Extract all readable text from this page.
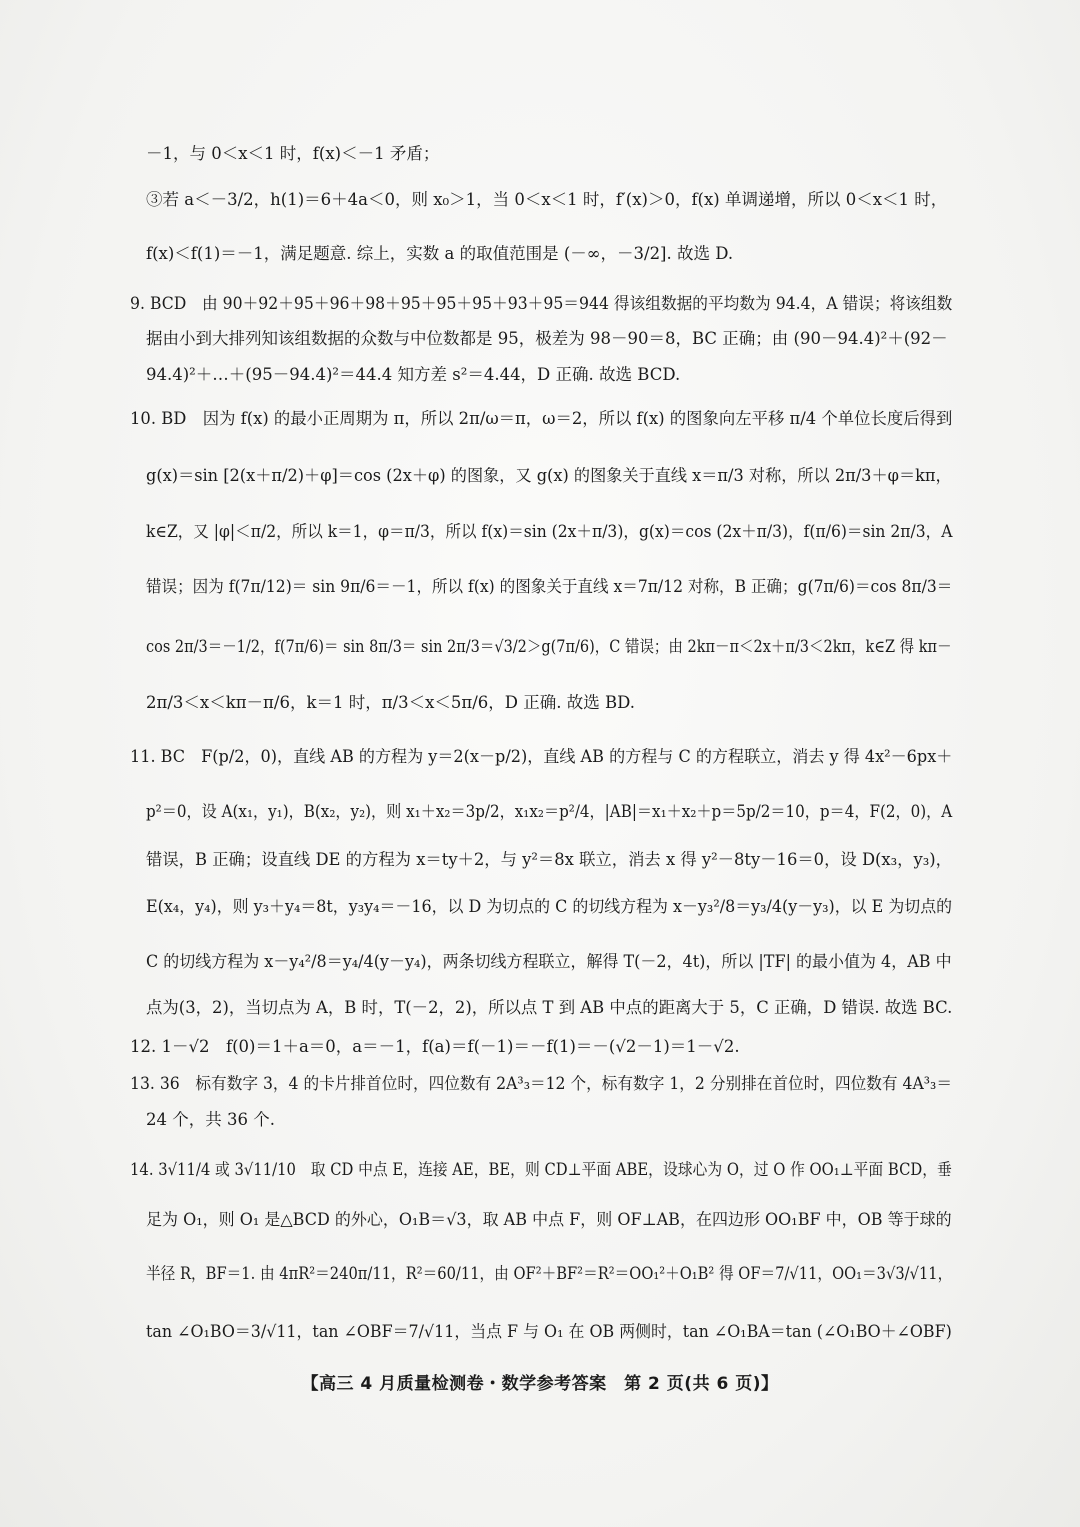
－1，与 0＜x＜1 时，f(x)＜－1 矛盾；
③若 a＜－3/2，h(1)＝6＋4a＜0，则 x₀＞1，当 0＜x＜1 时，f′(x)＞0，f(x) 单调递增，所以 0＜x＜1 时，
f(x)＜f(1)＝－1，满足题意. 综上，实数 a 的取值范围是 (－∞，－3/2]. 故选 D.
9. BCD　由 90＋92＋95＋96＋98＋95＋95＋95＋93＋95＝944 得该组数据的平均数为 94.4，A 错误；将该组数
据由小到大排列知该组数据的众数与中位数都是 95，极差为 98－90＝8，BC 正确；由 (90－94.4)²＋(92－
94.4)²＋…＋(95－94.4)²＝44.4 知方差 s²＝4.44，D 正确. 故选 BCD.
10. BD　因为 f(x) 的最小正周期为 π，所以 2π/ω＝π，ω＝2，所以 f(x) 的图象向左平移 π/4 个单位长度后得到
g(x)＝sin [2(x＋π/2)＋φ]＝cos (2x＋φ) 的图象，又 g(x) 的图象关于直线 x＝π/3 对称，所以 2π/3＋φ＝kπ，
k∈Z，又 |φ|＜π/2，所以 k＝1，φ＝π/3，所以 f(x)＝sin (2x＋π/3)，g(x)＝cos (2x＋π/3)，f(π/6)＝sin 2π/3，A
错误；因为 f(7π/12)＝ sin 9π/6＝－1，所以 f(x) 的图象关于直线 x＝7π/12 对称，B 正确；g(7π/6)＝cos 8π/3＝
cos 2π/3＝－1/2，f(7π/6)＝ sin 8π/3＝ sin 2π/3＝√3/2＞g(7π/6)，C 错误；由 2kπ－π＜2x＋π/3＜2kπ，k∈Z 得 kπ－
2π/3＜x＜kπ－π/6，k＝1 时，π/3＜x＜5π/6，D 正确. 故选 BD.
11. BC　F(p/2，0)，直线 AB 的方程为 y＝2(x－p/2)，直线 AB 的方程与 C 的方程联立，消去 y 得 4x²－6px＋
p²＝0，设 A(x₁，y₁)，B(x₂，y₂)，则 x₁＋x₂＝3p/2，x₁x₂＝p²/4，|AB|＝x₁＋x₂＋p＝5p/2＝10，p＝4，F(2，0)，A
错误，B 正确；设直线 DE 的方程为 x＝ty＋2，与 y²＝8x 联立，消去 x 得 y²－8ty－16＝0，设 D(x₃，y₃)，
E(x₄，y₄)，则 y₃＋y₄＝8t，y₃y₄＝－16，以 D 为切点的 C 的切线方程为 x－y₃²/8＝y₃/4(y－y₃)，以 E 为切点的
C 的切线方程为 x－y₄²/8＝y₄/4(y－y₄)，两条切线方程联立，解得 T(－2，4t)，所以 |TF| 的最小值为 4，AB 中
点为(3，2)，当切点为 A，B 时，T(－2，2)，所以点 T 到 AB 中点的距离大于 5，C 正确，D 错误. 故选 BC.
12. 1－√2　f(0)＝1＋a＝0，a＝－1，f(a)＝f(－1)＝－f(1)＝－(√2－1)＝1－√2.
13. 36　标有数字 3，4 的卡片排首位时，四位数有 2A³₃＝12 个，标有数字 1，2 分别排在首位时，四位数有 4A³₃＝
24 个，共 36 个.
14. 3√11/4 或 3√11/10　取 CD 中点 E，连接 AE，BE，则 CD⊥平面 ABE，设球心为 O，过 O 作 OO₁⊥平面 BCD，垂
足为 O₁，则 O₁ 是△BCD 的外心，O₁B＝√3，取 AB 中点 F，则 OF⊥AB，在四边形 OO₁BF 中，OB 等于球的
半径 R，BF＝1. 由 4πR²＝240π/11，R²＝60/11，由 OF²＋BF²＝R²＝OO₁²＋O₁B² 得 OF＝7/√11，OO₁＝3√3/√11，
tan ∠O₁BO＝3/√11，tan ∠OBF＝7/√11，当点 F 与 O₁ 在 OB 两侧时，tan ∠O₁BA＝tan (∠O₁BO＋∠OBF)
【高三 4 月质量检测卷・数学参考答案　第 2 页(共 6 页)】
